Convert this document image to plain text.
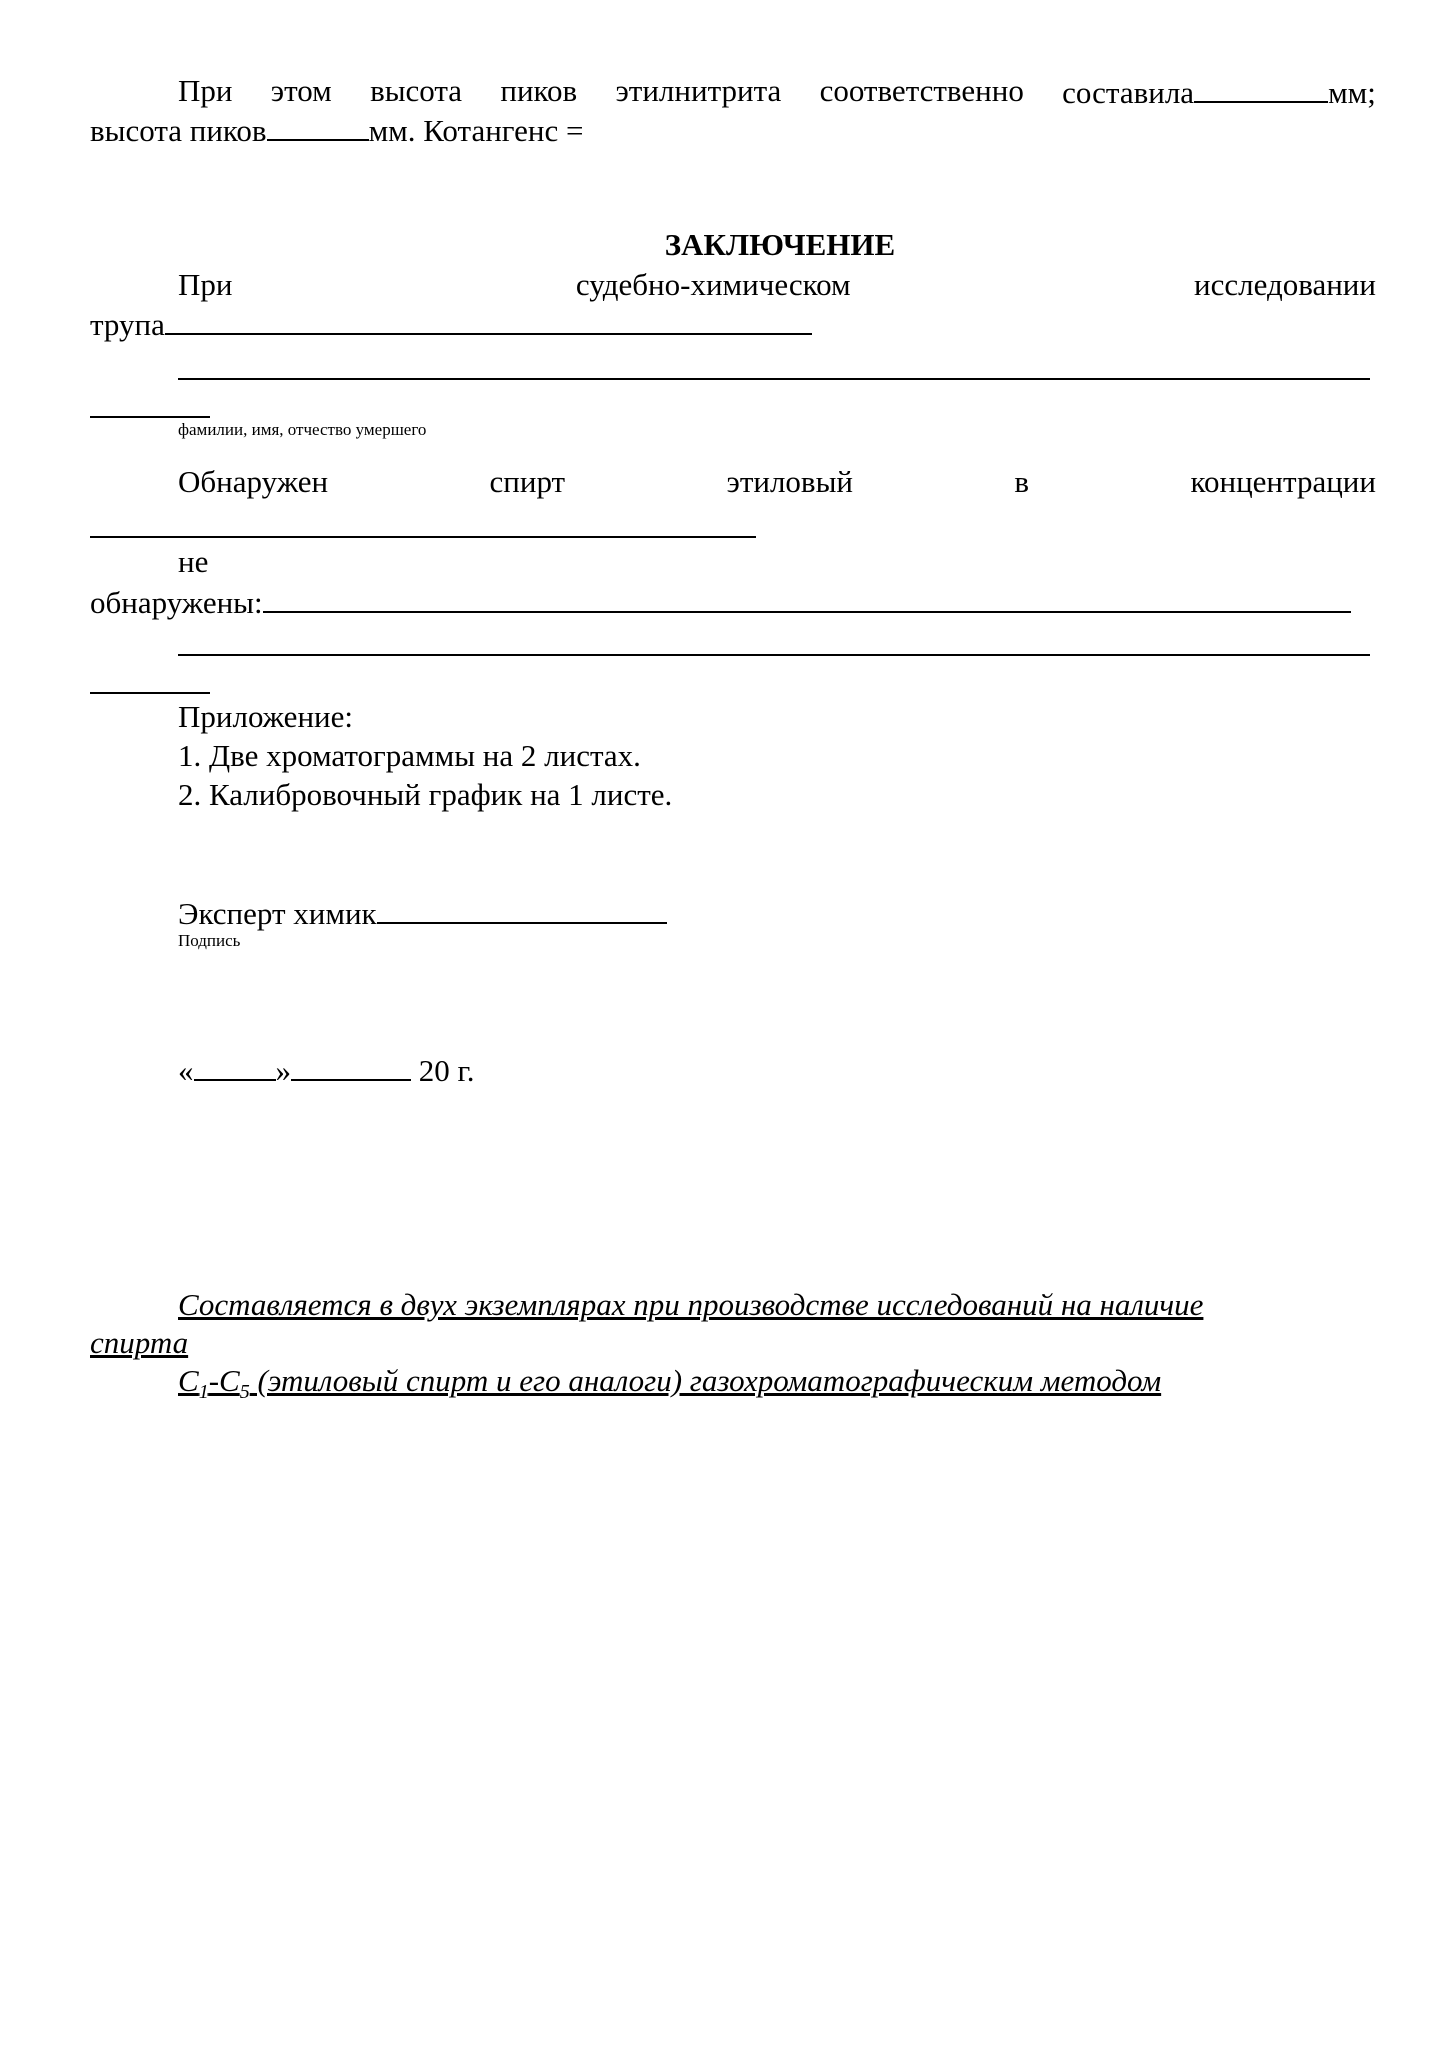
При этом высота пиков этилнитрита соответственно составила	мм;
высота пиков	мм. Котангенс =
ЗАКЛЮЧЕНИЕ
При	судебно-химическом	исследовании
трупа
фамилии, имя, отчество умершего
Обнаружен	спирт	этиловый	в	концентрации
не
обнаружены:
Приложение:
1. Две хроматограммы на 2 листах.
2. Калибровочный график на 1 листе.
Эксперт химик
Подпись
«	»	20 г.
Составляется в двух экземплярах при производстве исследований на наличие
спирта
$C_1-C_5$ (этиловый спирт и его аналоги) газохроматографическим методом
